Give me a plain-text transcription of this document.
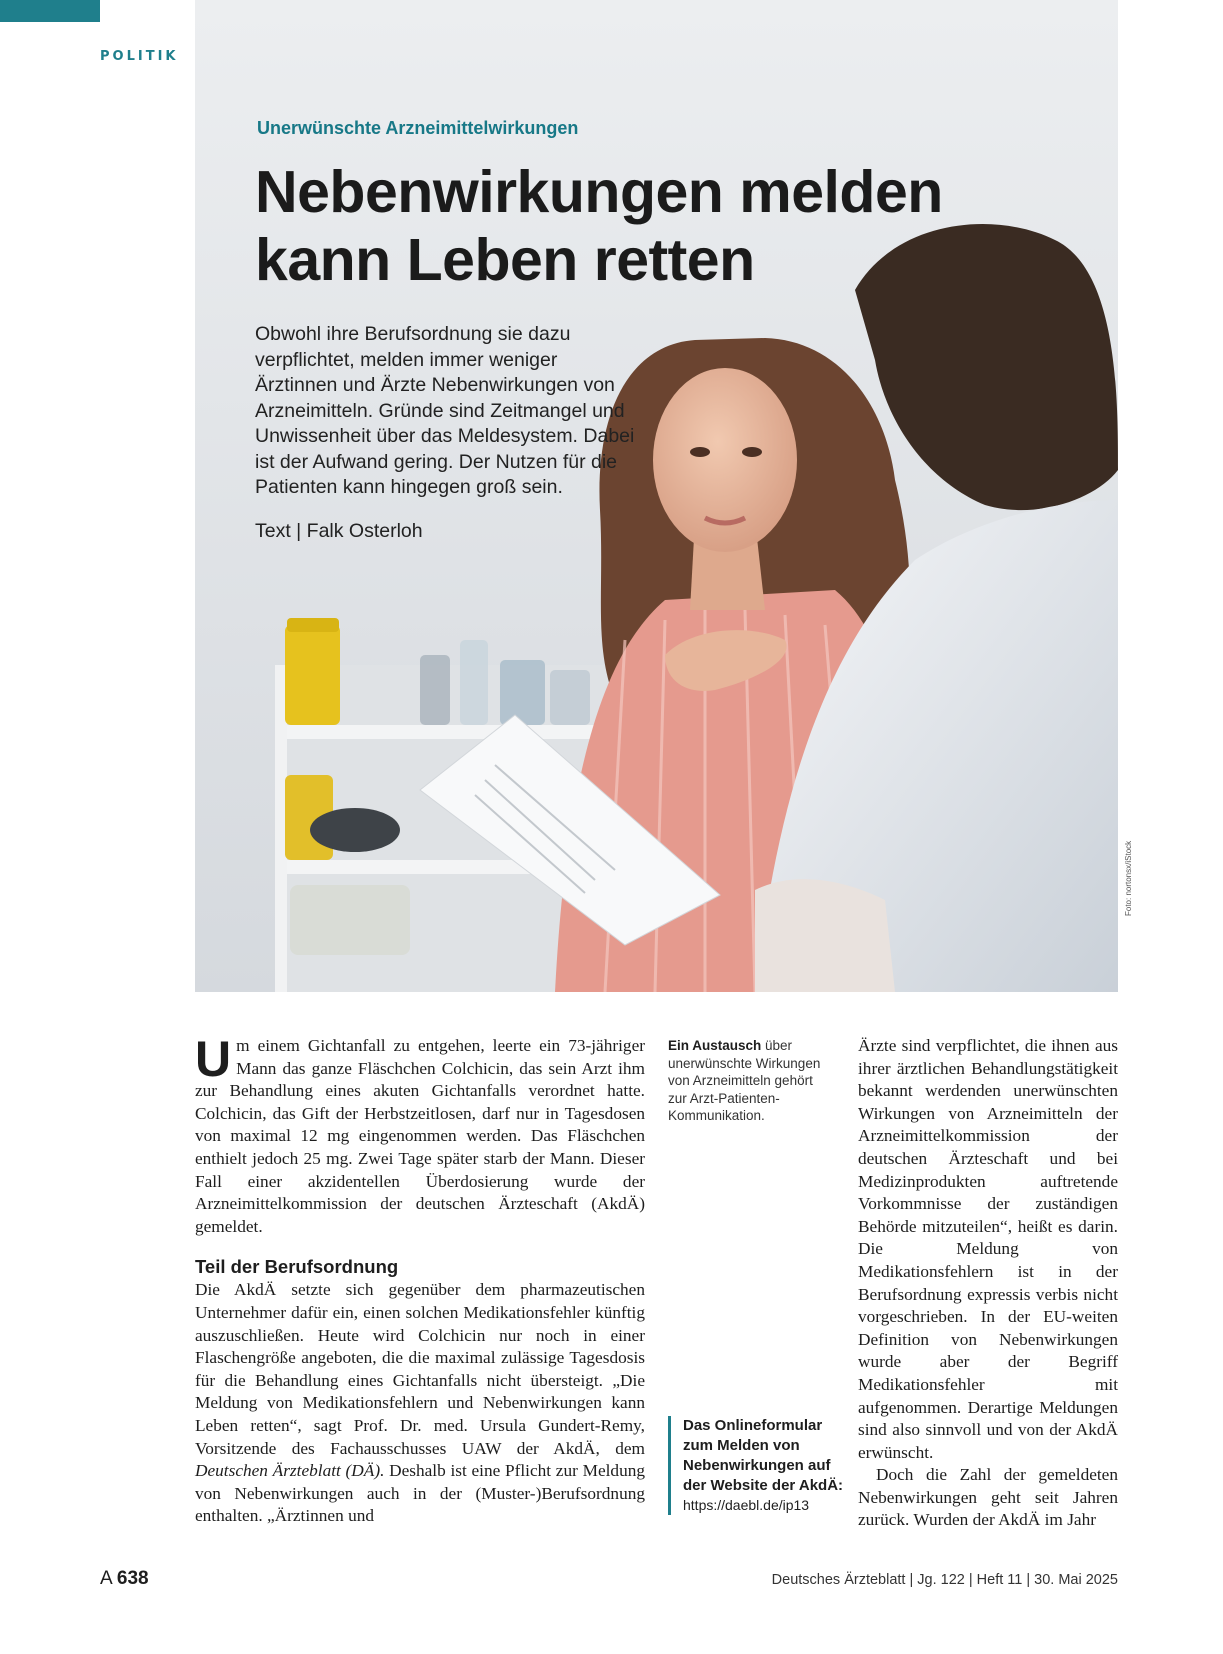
POLITIK
Unerwünschte Arzneimittelwirkungen
Nebenwirkungen melden
kann Leben retten

Obwohl ihre Berufsordnung sie dazu verpflichtet, melden immer weniger Ärztinnen und Ärzte Nebenwirkungen von Arzneimitteln. Gründe sind Zeitmangel und Unwissenheit über das Meldesystem. Dabei ist der Aufwand gering. Der Nutzen für die Patienten kann hingegen groß sein.

Text | Falk Osterloh
Foto: nortonsx/iStock

Um einem Gichtanfall zu entgehen, leerte ein 73-jähriger Mann das ganze Fläschchen Colchicin, das sein Arzt ihm zur Behandlung eines akuten Gichtanfalls verordnet hatte. Colchicin, das Gift der Herbstzeitlosen, darf nur in Tagesdosen von maximal 12 mg eingenommen werden. Das Fläschchen enthielt jedoch 25 mg. Zwei Tage später starb der Mann. Dieser Fall einer akzidentellen Überdosierung wurde der Arzneimittelkommission der deutschen Ärzteschaft (AkdÄ) gemeldet.

Teil der Berufsordnung

Die AkdÄ setzte sich gegenüber dem pharmazeutischen Unternehmer dafür ein, einen solchen Medikationsfehler künftig auszuschließen. Heute wird Colchicin nur noch in einer Flaschengröße angeboten, die die maximal zulässige Tagesdosis für die Behandlung eines Gichtanfalls nicht übersteigt. „Die Meldung von Medikationsfehlern und Nebenwirkungen kann Leben retten“, sagt Prof. Dr. med. Ursula Gundert-Remy, Vorsitzende des Fachausschusses UAW der AkdÄ, dem Deutschen Ärzteblatt (DÄ). Deshalb ist eine Pflicht zur Meldung von Nebenwirkungen auch in der (Muster-)Berufsordnung enthalten. „Ärztinnen und

Ein Austausch über unerwünschte Wirkungen von Arzneimitteln gehört zur Arzt-Patienten-Kommunikation.

Das Onlineformular zum Melden von Nebenwirkungen auf der Website der AkdÄ:
https://daebl.de/ip13

Ärzte sind verpflichtet, die ihnen aus ihrer ärztlichen Behandlungstätigkeit bekannt werdenden unerwünschten Wirkungen von Arzneimitteln der Arzneimittelkommission der deutschen Ärzteschaft und bei Medizinprodukten auftretende Vorkommnisse der zuständigen Behörde mitzuteilen“, heißt es darin. Die Meldung von Medikationsfehlern ist in der Berufsordnung expressis verbis nicht vorgeschrieben. In der EU-weiten Definition von Nebenwirkungen wurde aber der Begriff Medikationsfehler mit aufgenommen. Derartige Meldungen sind also sinnvoll und von der AkdÄ erwünscht.

Doch die Zahl der gemeldeten Nebenwirkungen geht seit Jahren zurück. Wurden der AkdÄ im Jahr

A 638	Deutsches Ärzteblatt | Jg. 122 | Heft 11 | 30. Mai 2025
